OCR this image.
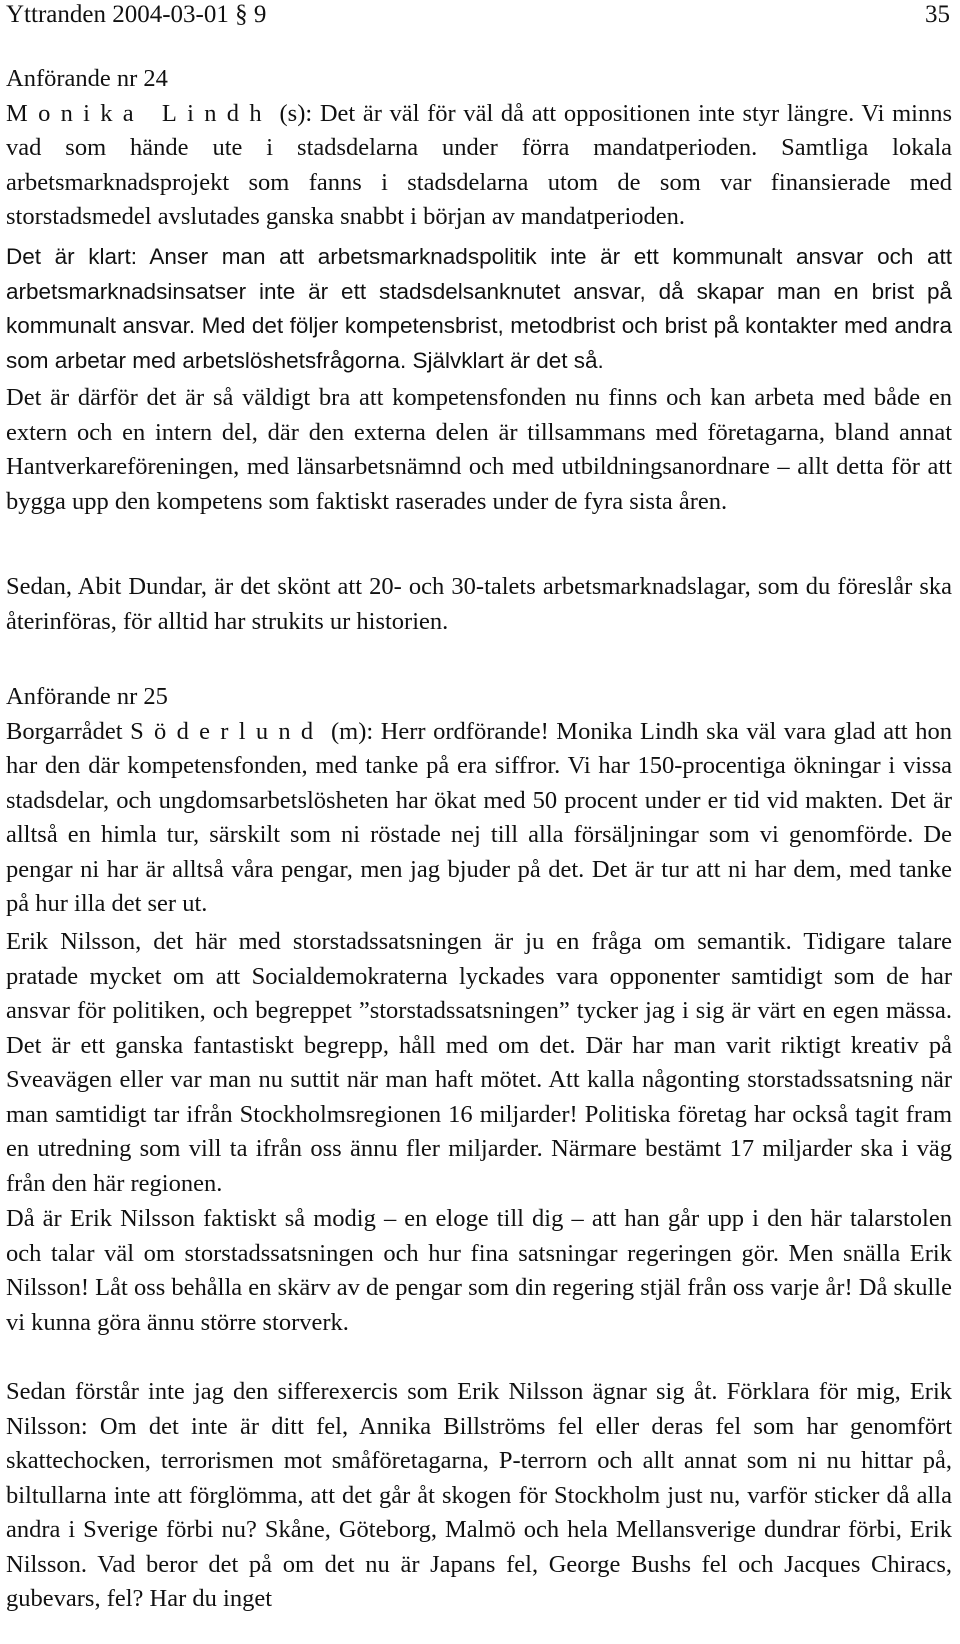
Yttranden 2004-03-01 § 9	35

Anförande nr 24

Monika Lindh (s): Det är väl för väl då att oppositionen inte styr längre. Vi minns vad som hände ute i stadsdelarna under förra mandatperioden. Samtliga lokala arbetsmarknadsprojekt som fanns i stadsdelarna utom de som var finansierade med storstadsmedel avslutades ganska snabbt i början av mandatperioden.

Det är klart: Anser man att arbetsmarknadspolitik inte är ett kommunalt ansvar och att arbetsmarknadsinsatser inte är ett stadsdelsanknutet ansvar, då skapar man en brist på kommunalt ansvar. Med det följer kompetensbrist, metodbrist och brist på kontakter med andra som arbetar med arbetslöshetsfrågorna. Självklart är det så.
Det är därför det är så väldigt bra att kompetensfonden nu finns och kan arbeta med både en extern och en intern del, där den externa delen är tillsammans med företagarna, bland annat Hantverkareföreningen, med länsarbetsnämnd och med utbildningsanordnare – allt detta för att bygga upp den kompetens som faktiskt raserades under de fyra sista åren.
Sedan, Abit Dundar, är det skönt att 20- och 30-talets arbetsmarknadslagar, som du föreslår ska återinföras, för alltid har strukits ur historien.

Anförande nr 25

Borgarrådet Söderlund (m): Herr ordförande! Monika Lindh ska väl vara glad att hon har den där kompetensfonden, med tanke på era siffror. Vi har 150-procentiga ökningar i vissa stadsdelar, och ungdomsarbetslösheten har ökat med 50 procent under er tid vid makten. Det är alltså en himla tur, särskilt som ni röstade nej till alla försäljningar som vi genomförde. De pengar ni har är alltså våra pengar, men jag bjuder på det. Det är tur att ni har dem, med tanke på hur illa det ser ut.

Erik Nilsson, det här med storstadssatsningen är ju en fråga om semantik. Tidigare talare pratade mycket om att Socialdemokraterna lyckades vara opponenter samtidigt som de har ansvar för politiken, och begreppet ”storstadssatsningen” tycker jag i sig är värt en egen mässa. Det är ett ganska fantastiskt begrepp, håll med om det. Där har man varit riktigt kreativ på Sveavägen eller var man nu suttit när man haft mötet. Att kalla någonting storstadssatsning när man samtidigt tar ifrån Stockholmsregionen 16 miljarder! Politiska företag har också tagit fram en utredning som vill ta ifrån oss ännu fler miljarder. Närmare bestämt 17 miljarder ska i väg från den här regionen.
Då är Erik Nilsson faktiskt så modig – en eloge till dig – att han går upp i den här talarstolen och talar väl om storstadssatsningen och hur fina satsningar regeringen gör. Men snälla Erik Nilsson! Låt oss behålla en skärv av de pengar som din regering stjäl från oss varje år! Då skulle vi kunna göra ännu större storverk.
Sedan förstår inte jag den sifferexercis som Erik Nilsson ägnar sig åt. Förklara för mig, Erik Nilsson: Om det inte är ditt fel, Annika Billströms fel eller deras fel som har genomfört skattechocken, terrorismen mot småföretagarna, P-terrorn och allt annat som ni nu hittar på, biltullarna inte att förglömma, att det går åt skogen för Stockholm just nu, varför sticker då alla andra i Sverige förbi nu? Skåne, Göteborg, Malmö och hela Mellansverige dundrar förbi, Erik Nilsson. Vad beror det på om det nu är Japans fel, George Bushs fel och Jacques Chiracs, gubevars, fel? Har du inget
